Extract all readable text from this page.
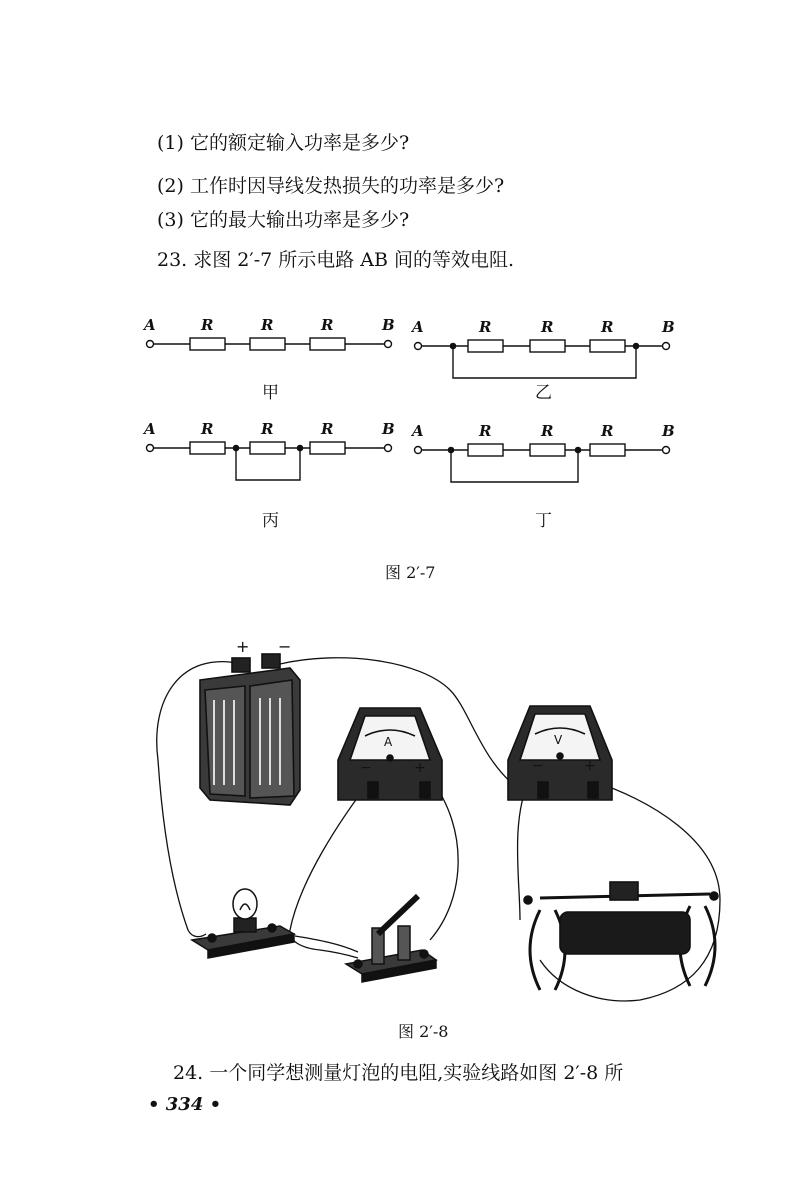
(1) 它的额定输入功率是多少?
(2) 工作时因导线发热损失的功率是多少?
(3) 它的最大输出功率是多少?
23. 求图 2′-7 所示电路 AB 间的等效电阻.
A	B
R	R	R
甲
A	B
R	R	R
乙
A	B
R	R	R
丙
A	B
R	R	R
丁
图 2′-7
+ −
A
−	+
V
−	+
图 2′-8
24. 一个同学想测量灯泡的电阻,实验线路如图 2′-8 所
• 334 •
